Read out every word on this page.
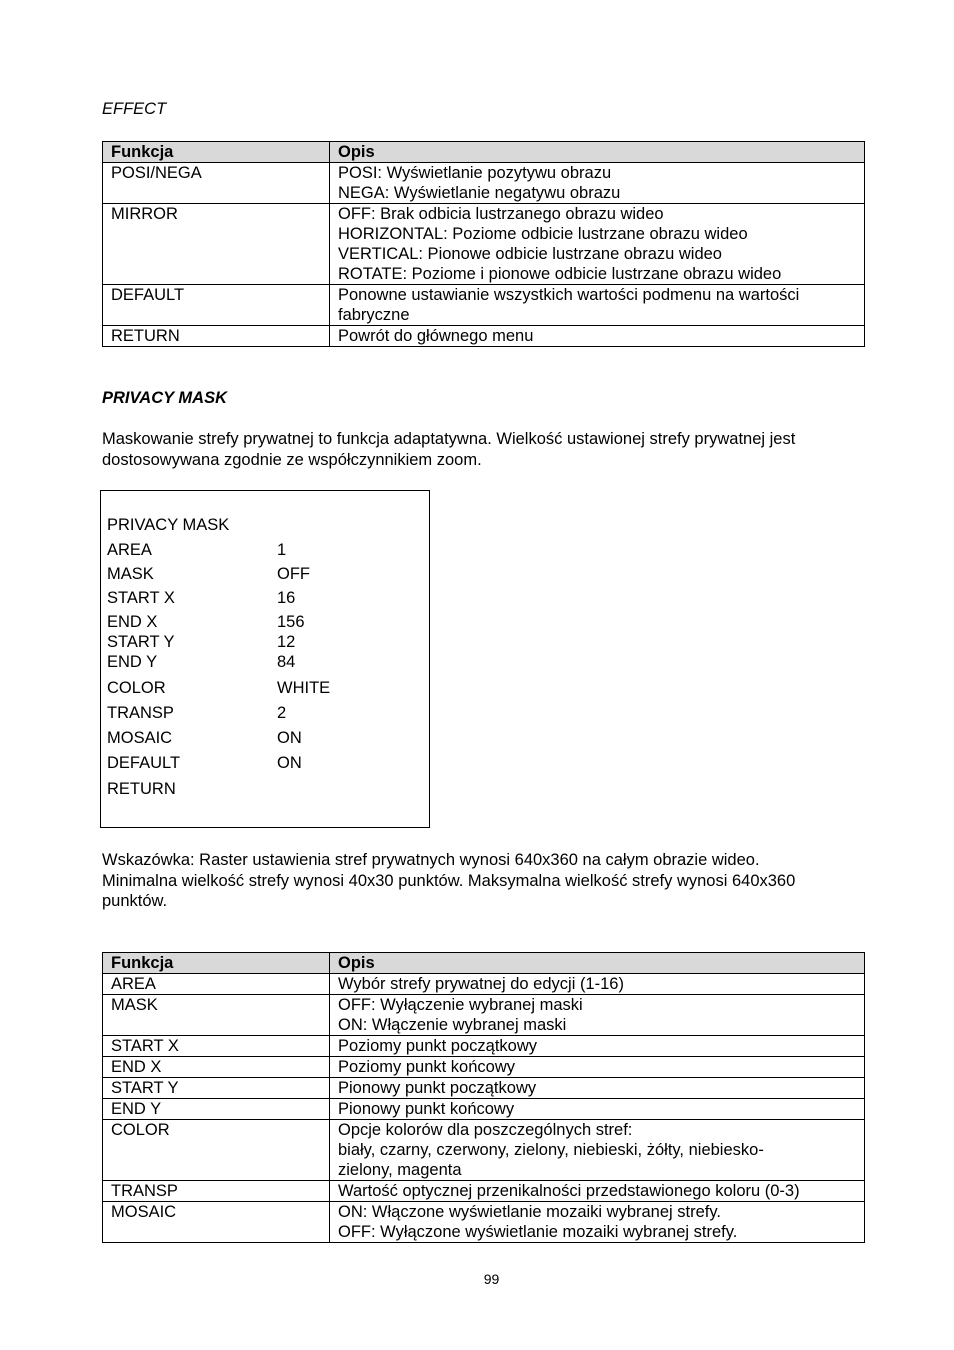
EFFECT
Funkcja	Opis
POSI/NEGA	POSI: Wyświetlanie pozytywu obrazu
NEGA: Wyświetlanie negatywu obrazu

MIRROR	OFF: Brak odbicia lustrzanego obrazu wideo
HORIZONTAL: Poziome odbicie lustrzane obrazu wideo
VERTICAL: Pionowe odbicie lustrzane obrazu wideo
ROTATE: Poziome i pionowe odbicie lustrzane obrazu wideo

DEFAULT	Ponowne ustawianie wszystkich wartości podmenu na wartości
fabryczne

RETURN	Powrót do głównego menu
PRIVACY MASK
Maskowanie strefy prywatnej to funkcja adaptatywna. Wielkość ustawionej strefy prywatnej jest
dostosowywana zgodnie ze współczynnikiem zoom.
PRIVACY MASK
AREA	1
MASK	OFF
START X	16
END X	156
START Y	12
END Y	84
COLOR	WHITE
TRANSP	2
MOSAIC	ON
DEFAULT	ON
RETURN
Wskazówka: Raster ustawienia stref prywatnych wynosi 640x360 na całym obrazie wideo.
Minimalna wielkość strefy wynosi 40x30 punktów. Maksymalna wielkość strefy wynosi 640x360
punktów.
Funkcja	Opis
AREA	Wybór strefy prywatnej do edycji (1-16)

MASK	OFF: Wyłączenie wybranej maski
ON: Włączenie wybranej maski

START X	Poziomy punkt początkowy

END X	Poziomy punkt końcowy

START Y	Pionowy punkt początkowy

END Y	Pionowy punkt końcowy

COLOR	Opcje kolorów dla poszczególnych stref:
biały, czarny, czerwony, zielony, niebieski, żółty, niebiesko-
zielony, magenta

TRANSP	Wartość optycznej przenikalności przedstawionego koloru (0-3)

MOSAIC	ON: Włączone wyświetlanie mozaiki wybranej strefy.
OFF: Wyłączone wyświetlanie mozaiki wybranej strefy.
99
